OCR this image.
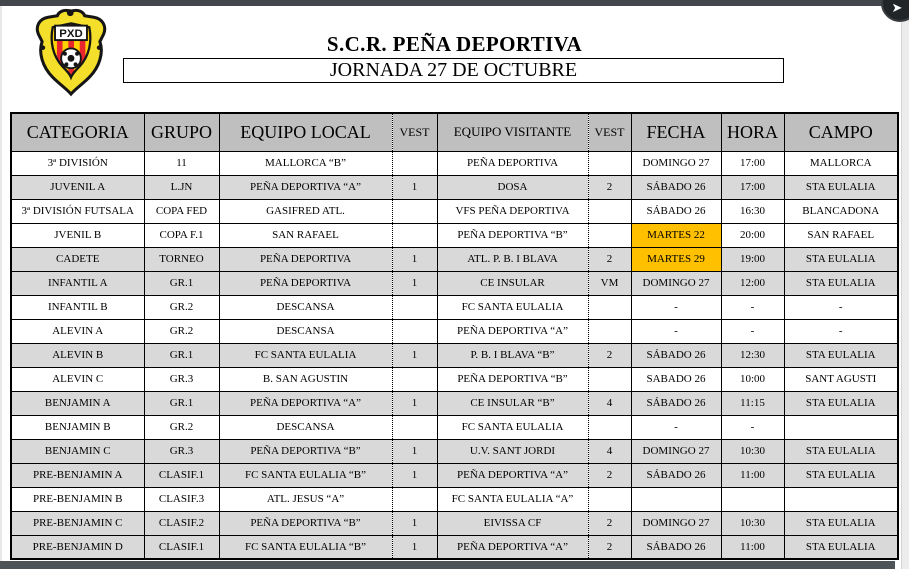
➤
PXD	S.C.R. PEÑA DEPORTIVA
JORNADA 27 DE OCTUBRE
CATEGORIA	GRUPO	EQUIPO LOCAL	VEST	EQUIPO VISITANTE	VEST	FECHA	HORA	CAMPO
3ª DIVISIÓN	11	MALLORCA “B”		PEÑA DEPORTIVA		DOMINGO 27	17:00	MALLORCA
JUVENIL A	L.JN	PEÑA DEPORTIVA “A”	1	DOSA	2	SÁBADO 26	17:00	STA EULALIA
3ª DIVISIÓN FUTSALA	COPA FED	GASIFRED ATL.		VFS PEÑA DEPORTIVA		SÁBADO 26	16:30	BLANCADONA
JVENIL B	COPA F.1	SAN RAFAEL		PEÑA DEPORTIVA “B”		MARTES 22	20:00	SAN RAFAEL
CADETE	TORNEO	PEÑA DEPORTIVA	1	ATL. P. B. I BLAVA	2	MARTES 29	19:00	STA EULALIA
INFANTIL A	GR.1	PEÑA DEPORTIVA	1	CE INSULAR	VM	DOMINGO 27	12:00	STA EULALIA
INFANTIL B	GR.2	DESCANSA		FC SANTA EULALIA		-	-	-
ALEVIN A	GR.2	DESCANSA		PEÑA DEPORTIVA “A”		-	-	-
ALEVIN B	GR.1	FC SANTA EULALIA	1	P. B. I BLAVA “B”	2	SÁBADO 26	12:30	STA EULALIA
ALEVIN C	GR.3	B. SAN AGUSTIN		PEÑA DEPORTIVA “B”		SABADO 26	10:00	SANT AGUSTI
BENJAMIN A	GR.1	PEÑA DEPORTIVA “A”	1	CE INSULAR “B”	4	SÁBADO 26	11:15	STA EULALIA
BENJAMIN B	GR.2	DESCANSA		FC SANTA EULALIA		-	-	
BENJAMIN C	GR.3	PEÑA DEPORTIVA “B”	1	U.V. SANT JORDI	4	DOMINGO 27	10:30	STA EULALIA
PRE-BENJAMIN A	CLASIF.1	FC SANTA EULALIA “B”	1	PEÑA DEPORTIVA “A”	2	SÁBADO 26	11:00	STA EULALIA
PRE-BENJAMIN B	CLASIF.3	ATL. JESUS “A”		FC SANTA EULALIA “A”				
PRE-BENJAMIN C	CLASIF.2	PEÑA DEPORTIVA “B”	1	EIVISSA CF	2	DOMINGO 27	10:30	STA EULALIA
PRE-BENJAMIN D	CLASIF.1	FC SANTA EULALIA “B”	1	PEÑA DEPORTIVA “A”	2	SÁBADO 26	11:00	STA EULALIA
